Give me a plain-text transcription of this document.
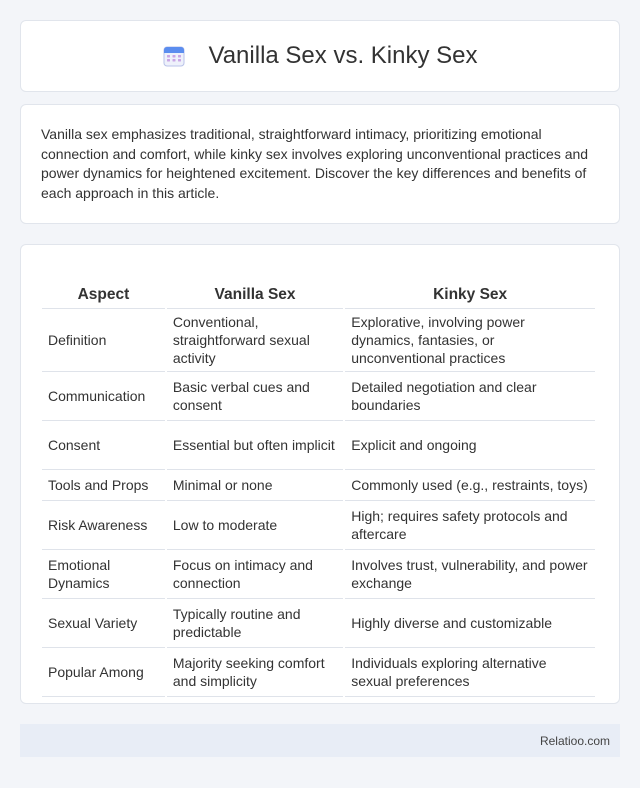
Vanilla Sex vs. Kinky Sex

Vanilla sex emphasizes traditional, straightforward intimacy, prioritizing emotional connection and comfort, while kinky sex involves exploring unconventional practices and power dynamics for heightened excitement. Discover the key differences and benefits of each approach in this article.

Aspect	Vanilla Sex	Kinky Sex
Definition	Conventional, straightforward sexual activity	Explorative, involving power dynamics, fantasies, or unconventional practices
Communication	Basic verbal cues and consent	Detailed negotiation and clear boundaries
Consent	Essential but often implicit	Explicit and ongoing
Tools and Props	Minimal or none	Commonly used (e.g., restraints, toys)
Risk Awareness	Low to moderate	High; requires safety protocols and aftercare
Emotional Dynamics	Focus on intimacy and connection	Involves trust, vulnerability, and power exchange
Sexual Variety	Typically routine and predictable	Highly diverse and customizable
Popular Among	Majority seeking comfort and simplicity	Individuals exploring alternative sexual preferences
Relatioo.com
